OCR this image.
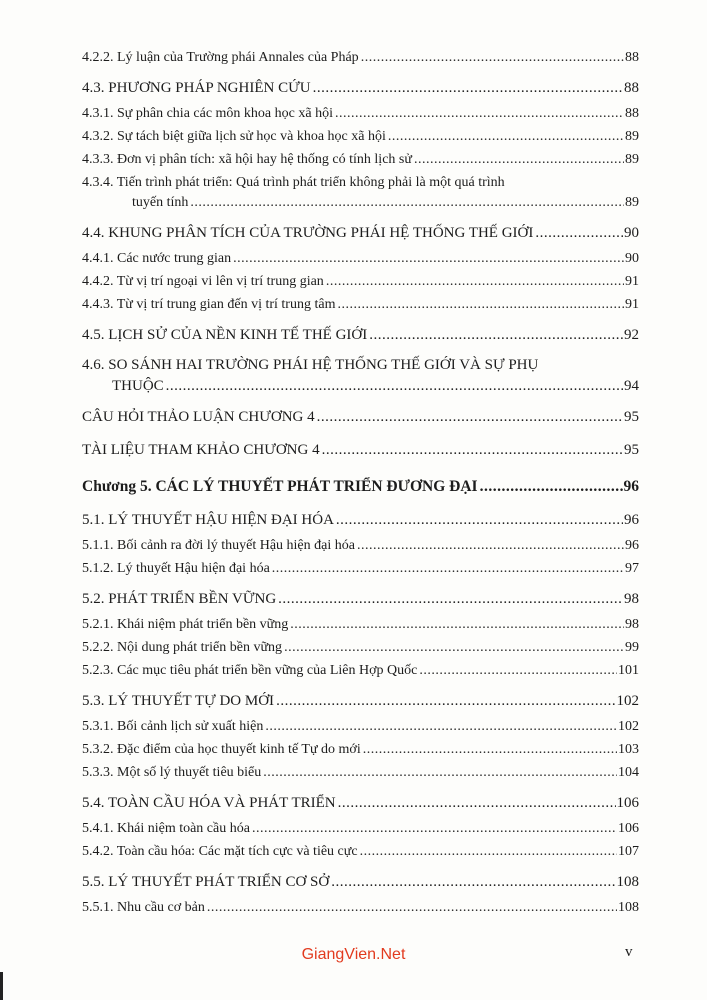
4.2.2. Lý luận của Trường phái Annales của Pháp .....	88
4.3. PHƯƠNG PHÁP NGHIÊN CỨU .....	88
4.3.1. Sự phân chia các môn khoa học xã hội .....	88
4.3.2. Sự tách biệt giữa lịch sử học và khoa học xã hội .....	89
4.3.3. Đơn vị phân tích: xã hội hay hệ thống có tính lịch sử .....	89
4.3.4. Tiến trình phát triển: Quá trình phát triển không phải là một quá trình
tuyến tính .....	89
4.4. KHUNG PHÂN TÍCH CỦA TRƯỜNG PHÁI HỆ THỐNG THẾ GIỚI .....	90
4.4.1. Các nước trung gian .....	90
4.4.2. Từ vị trí ngoại vi lên vị trí trung gian .....	91
4.4.3. Từ vị trí trung gian đến vị trí trung tâm .....	91
4.5. LỊCH SỬ CỦA NỀN KINH TẾ THẾ GIỚI .....	92
4.6. SO SÁNH HAI TRƯỜNG PHÁI HỆ THỐNG THẾ GIỚI VÀ SỰ PHỤ
THUỘC .....	94
CÂU HỎI THẢO LUẬN CHƯƠNG 4 .....	95
TÀI LIỆU THAM KHẢO CHƯƠNG 4 .....	95
Chương 5. CÁC LÝ THUYẾT PHÁT TRIỂN ĐƯƠNG ĐẠI .....	96
5.1. LÝ THUYẾT HẬU HIỆN ĐẠI HÓA .....	96
5.1.1. Bối cảnh ra đời lý thuyết Hậu hiện đại hóa .....	96
5.1.2. Lý thuyết Hậu hiện đại hóa .....	97
5.2. PHÁT TRIỂN BỀN VỮNG .....	98
5.2.1. Khái niệm phát triển bền vững .....	98
5.2.2. Nội dung phát triển bền vững .....	99
5.2.3. Các mục tiêu phát triển bền vững của Liên Hợp Quốc .....	101
5.3. LÝ THUYẾT TỰ DO MỚI .....	102
5.3.1. Bối cảnh lịch sử xuất hiện .....	102
5.3.2. Đặc điểm của học thuyết kinh tế Tự do mới .....	103
5.3.3. Một số lý thuyết tiêu biểu .....	104
5.4. TOÀN CẦU HÓA VÀ PHÁT TRIỂN .....	106
5.4.1. Khái niệm toàn cầu hóa .....	106
5.4.2. Toàn cầu hóa: Các mặt tích cực và tiêu cực .....	107
5.5. LÝ THUYẾT PHÁT TRIỂN CƠ SỞ .....	108
5.5.1. Nhu cầu cơ bản .....	108
GiangVien.Net	v
